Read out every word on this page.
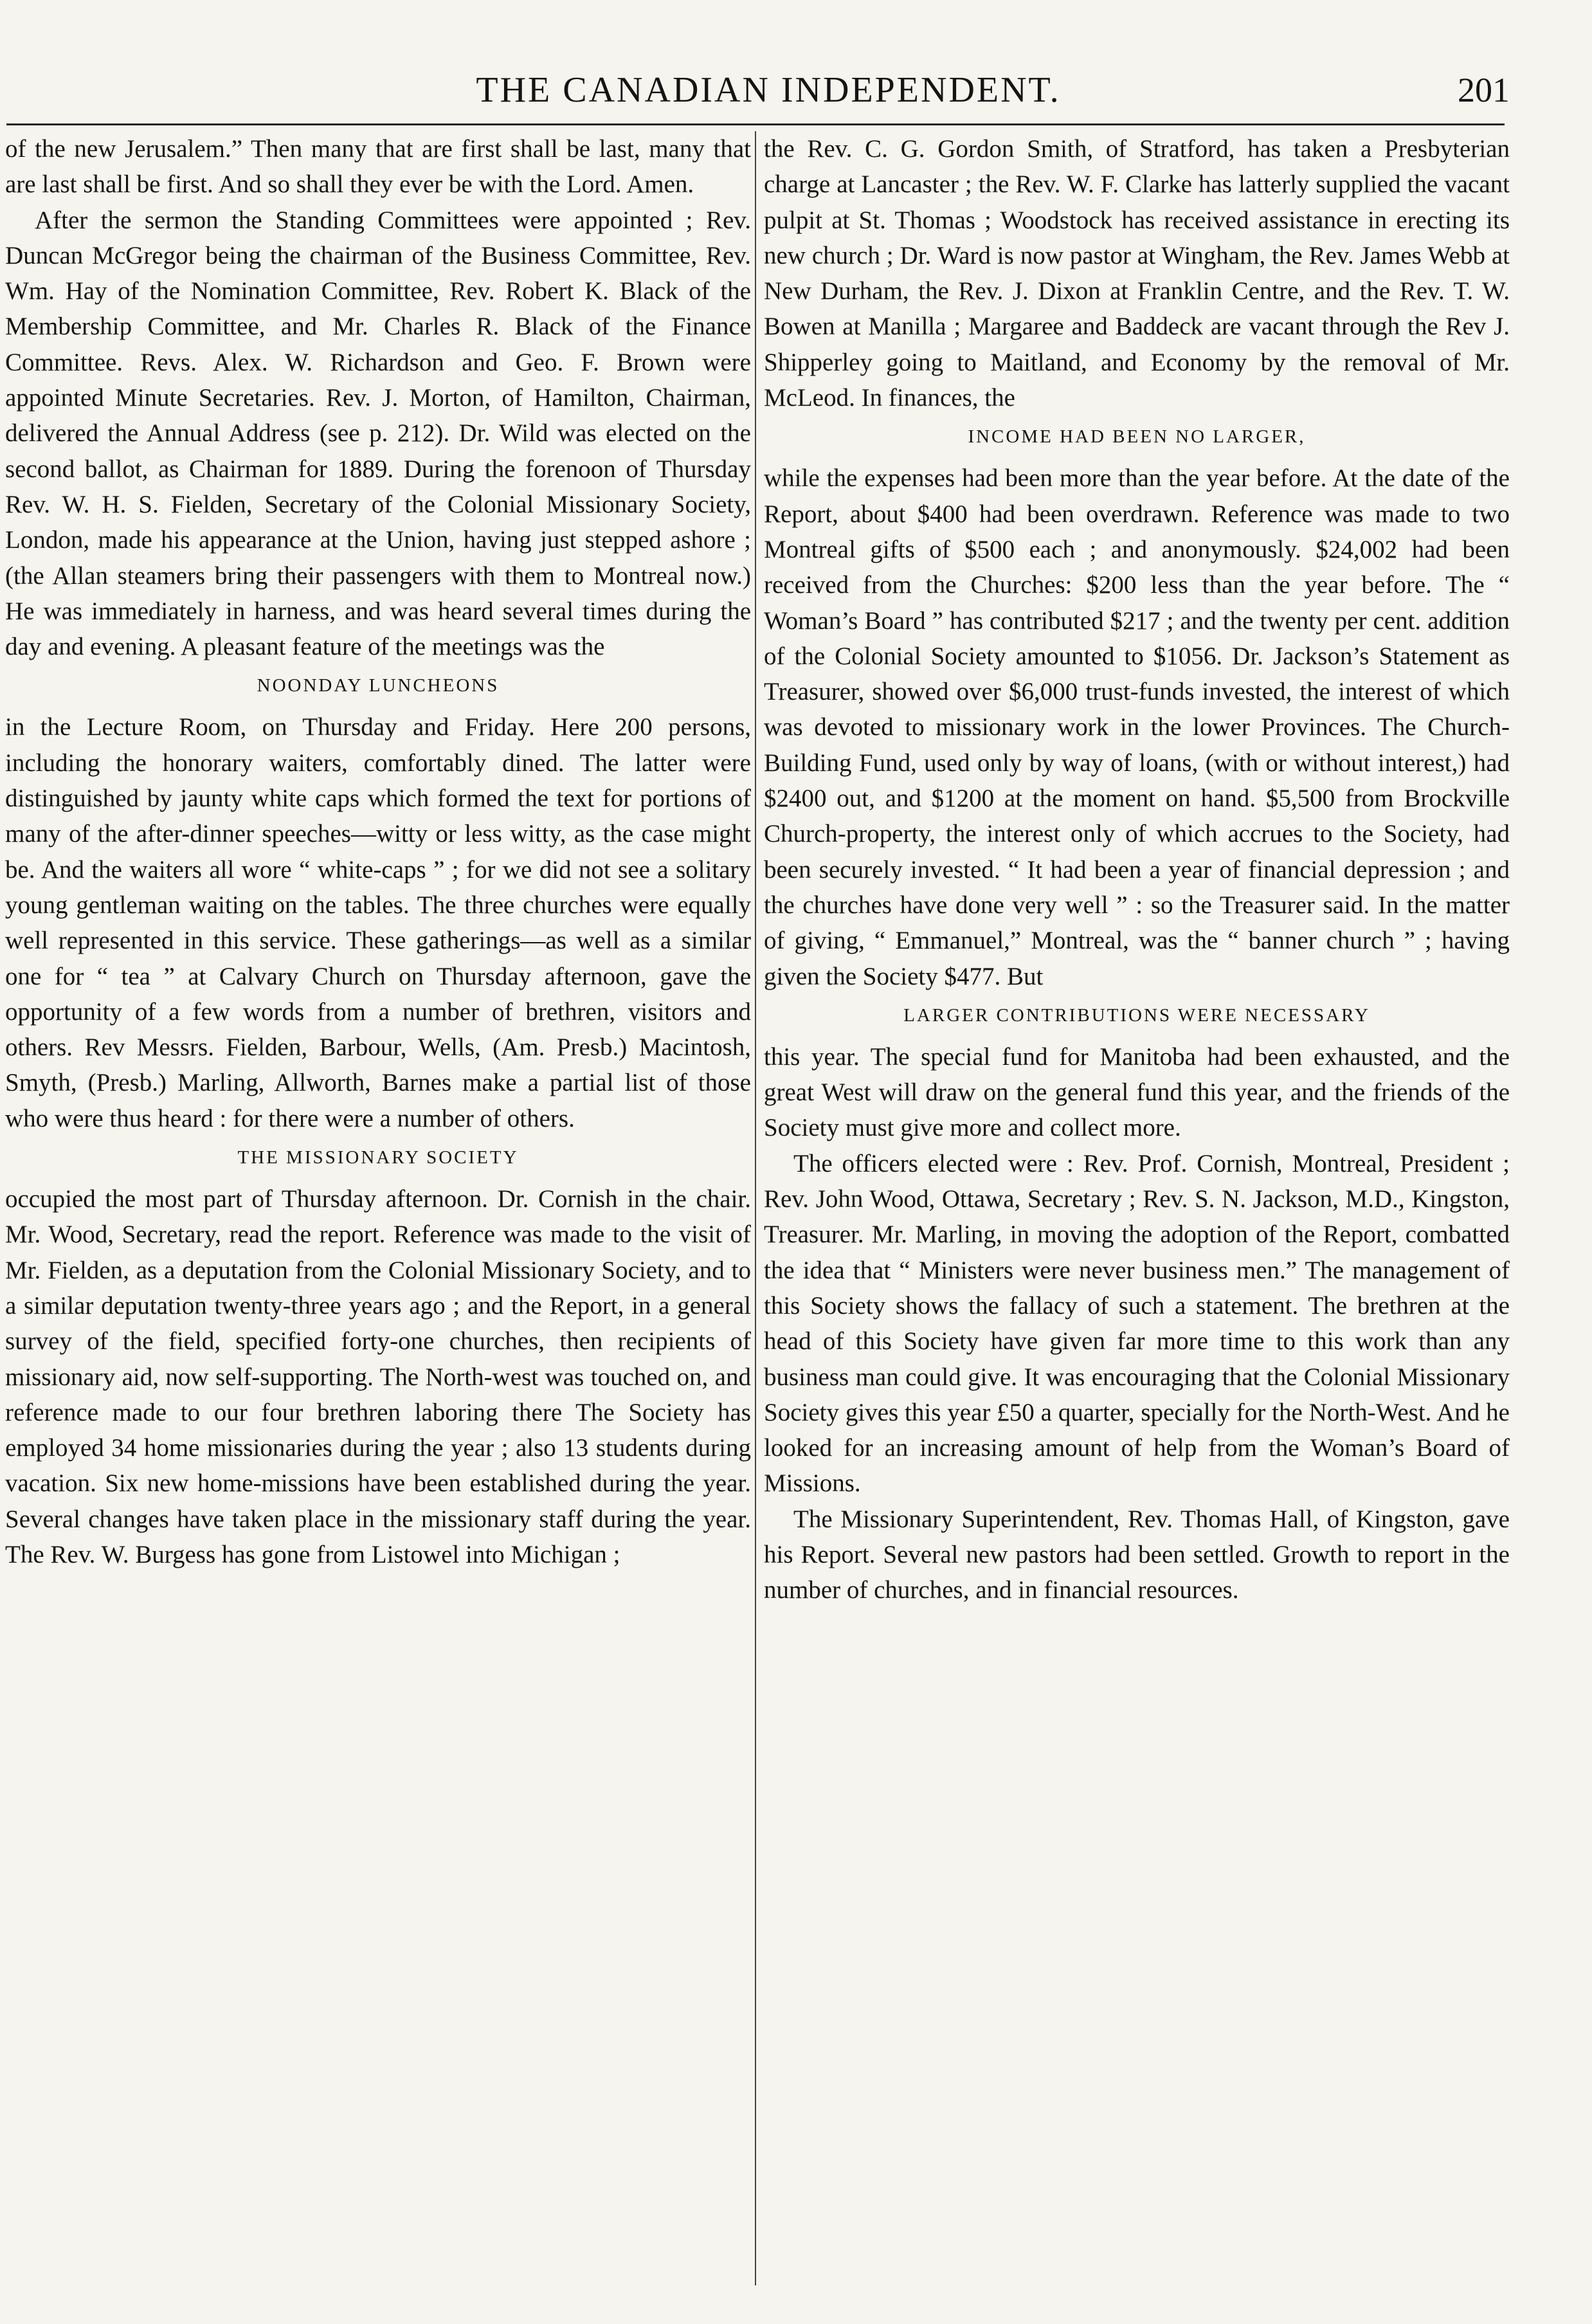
THE CANADIAN INDEPENDENT.	201

of the new Jerusalem.” Then many that are first shall be last, many that are last shall be first. And so shall they ever be with the Lord. Amen.

After the sermon the Standing Committees were appointed ; Rev. Duncan McGregor being the chairman of the Business Committee, Rev. Wm. Hay of the Nomination Committee, Rev. Robert K. Black of the Membership Committee, and Mr. Charles R. Black of the Finance Committee. Revs. Alex. W. Richardson and Geo. F. Brown were appointed Minute Secretaries. Rev. J. Morton, of Hamilton, Chairman, delivered the Annual Address (see p. 212). Dr. Wild was elected on the second ballot, as Chairman for 1889. During the forenoon of Thursday Rev. W. H. S. Fielden, Secretary of the Colonial Missionary Society, London, made his appearance at the Union, having just stepped ashore ; (the Allan steamers bring their passengers with them to Montreal now.) He was immediately in harness, and was heard several times during the day and evening. A pleasant feature of the meetings was the

NOONDAY LUNCHEONS

in the Lecture Room, on Thursday and Friday. Here 200 persons, including the honorary waiters, comfortably dined. The latter were distinguished by jaunty white caps which formed the text for portions of many of the after-dinner speeches—witty or less witty, as the case might be. And the waiters all wore “ white-caps ” ; for we did not see a solitary young gentleman waiting on the tables. The three churches were equally well represented in this service. These gatherings—as well as a similar one for “ tea ” at Calvary Church on Thursday afternoon, gave the opportunity of a few words from a number of brethren, visitors and others. Rev Messrs. Fielden, Barbour, Wells, (Am. Presb.) Macintosh, Smyth, (Presb.) Marling, Allworth, Barnes make a partial list of those who were thus heard : for there were a number of others.

THE MISSIONARY SOCIETY

occupied the most part of Thursday afternoon. Dr. Cornish in the chair. Mr. Wood, Secretary, read the report. Reference was made to the visit of Mr. Fielden, as a deputation from the Colonial Missionary Society, and to a similar deputation twenty-three years ago ; and the Report, in a general survey of the field, specified forty-one churches, then recipients of missionary aid, now self-supporting. The North-west was touched on, and reference made to our four brethren laboring there The Society has employed 34 home missionaries during the year ; also 13 students during vacation. Six new home-missions have been established during the year. Several changes have taken place in the missionary staff during the year. The Rev. W. Burgess has gone from Listowel into Michigan ;

the Rev. C. G. Gordon Smith, of Stratford, has taken a Presbyterian charge at Lancaster ; the Rev. W. F. Clarke has latterly supplied the vacant pulpit at St. Thomas ; Woodstock has received assistance in erecting its new church ; Dr. Ward is now pastor at Wingham, the Rev. James Webb at New Durham, the Rev. J. Dixon at Franklin Centre, and the Rev. T. W. Bowen at Manilla ; Margaree and Baddeck are vacant through the Rev J. Shipperley going to Maitland, and Economy by the removal of Mr. McLeod. In finances, the

INCOME HAD BEEN NO LARGER,

while the expenses had been more than the year before. At the date of the Report, about $400 had been overdrawn. Reference was made to two Montreal gifts of $500 each ; and anonymously. $24,002 had been received from the Churches: $200 less than the year before. The “ Woman’s Board ” has contributed $217 ; and the twenty per cent. addition of the Colonial Society amounted to $1056. Dr. Jackson’s Statement as Treasurer, showed over $6,000 trust-funds invested, the interest of which was devoted to missionary work in the lower Provinces. The Church-Building Fund, used only by way of loans, (with or without interest,) had $2400 out, and $1200 at the moment on hand. $5,500 from Brockville Church-property, the interest only of which accrues to the Society, had been securely invested. “ It had been a year of financial depression ; and the churches have done very well ” : so the Treasurer said. In the matter of giving, “ Emmanuel,” Montreal, was the “ banner church ” ; having given the Society $477. But

LARGER CONTRIBUTIONS WERE NECESSARY

this year. The special fund for Manitoba had been exhausted, and the great West will draw on the general fund this year, and the friends of the Society must give more and collect more.

The officers elected were : Rev. Prof. Cornish, Montreal, President ; Rev. John Wood, Ottawa, Secretary ; Rev. S. N. Jackson, M.D., Kingston, Treasurer. Mr. Marling, in moving the adoption of the Report, combatted the idea that “ Ministers were never business men.” The management of this Society shows the fallacy of such a statement. The brethren at the head of this Society have given far more time to this work than any business man could give. It was encouraging that the Colonial Missionary Society gives this year £50 a quarter, specially for the North-West. And he looked for an increasing amount of help from the Woman’s Board of Missions.

The Missionary Superintendent, Rev. Thomas Hall, of Kingston, gave his Report. Several new pastors had been settled. Growth to report in the number of churches, and in financial resources.
